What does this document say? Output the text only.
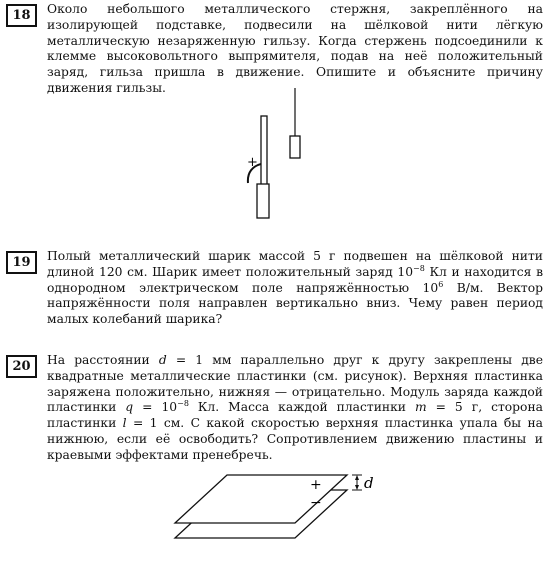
18	Около небольшого металлического стержня, закреплённого на изолирующей подставке, подвесили на шёлковой нити лёгкую металлическую незаряженную гильзу. Когда стержень подсоединили к клемме высоковольтного выпрямителя, подав на неё положительный заряд, гильза пришла в движение. Опишите и объясните причину движения гильзы.
+
19	Полый металлический шарик массой 5 г подвешен на шёлковой нити длиной 120 см. Шарик имеет положительный заряд $10^{-8}$ Кл и находится в однородном электрическом поле напряжённостью $10^6$ В/м. Вектор напряжённости поля направлен вертикально вниз. Чему равен период малых колебаний шарика?
20	На расстоянии d = 1 мм параллельно друг к другу закреплены две квадратные металлические пластинки (см. рисунок). Верхняя пластинка заряжена положительно, нижняя — отрицательно. Модуль заряда каждой пластинки $q = 10^{-8}$ Кл. Масса каждой пластинки m = 5 г, сторона пластинки l = 1 см. С какой скоростью верхняя пластинка упала бы на нижнюю, если её освободить? Сопротивлением движению пластины и краевыми эффектами пренебречь.
+
−
d
